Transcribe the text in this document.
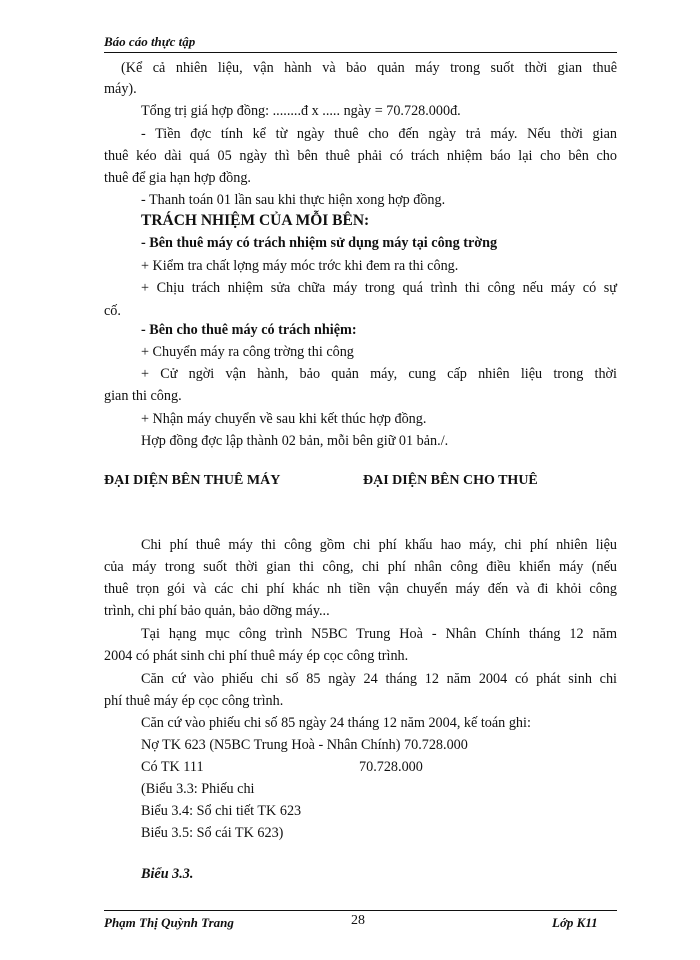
Báo cáo thực tập
(Kể cả nhiên liệu, vận hành và bảo quản máy trong suốt thời gian thuê
máy).
Tổng trị giá hợp đồng: ........đ x ..... ngày = 70.728.000đ.
- Tiền đợc tính kể từ ngày thuê cho đến ngày trả máy. Nếu thời gian
thuê kéo dài quá 05 ngày thì bên thuê phải có trách nhiệm báo lại cho bên cho
thuê để gia hạn hợp đồng.
- Thanh toán 01 lần sau khi thực hiện xong hợp đồng.
TRÁCH NHIỆM CỦA MỖI BÊN:
- Bên thuê máy có trách nhiệm sử dụng máy tại công trờng
+ Kiểm tra chất lợng máy móc trớc khi đem ra thi công.
+ Chịu trách nhiệm sửa chữa máy trong quá trình thi công nếu máy có sự
cố.
- Bên cho thuê máy có trách nhiệm:
+ Chuyển máy ra công trờng thi công
+ Cử ngời vận hành, bảo quản máy, cung cấp nhiên liệu trong thời
gian thi công.
+ Nhận máy chuyển về sau khi kết thúc hợp đồng.
Hợp đồng đợc lập thành 02 bản, mỗi bên giữ 01 bản./.
ĐẠI DIỆN BÊN THUÊ MÁY	ĐẠI DIỆN BÊN CHO THUÊ
Chi phí thuê máy thi công gồm chi phí khấu hao máy, chi phí nhiên liệu
của máy trong suốt thời gian thi công, chi phí nhân công điều khiển máy (nếu
thuê trọn gói và các chi phí khác nh tiền vận chuyển máy đến và đi khỏi công
trình, chi phí bảo quản, bảo dỡng máy...
Tại hạng mục công trình N5BC Trung Hoà - Nhân Chính tháng 12 năm
2004 có phát sinh chi phí thuê máy ép cọc công trình.
Căn cứ vào phiếu chi số 85 ngày 24 tháng 12 năm 2004 có phát sinh chi
phí thuê máy ép cọc công trình.
Căn cứ vào phiếu chi số 85 ngày 24 tháng 12 năm 2004, kế toán ghi:
Nợ TK 623 (N5BC Trung Hoà - Nhân Chính) 70.728.000
Có TK 111	70.728.000
(Biểu 3.3: Phiếu chi
Biểu 3.4: Sổ chi tiết TK 623
Biểu 3.5: Sổ cái TK 623)
Biểu 3.3.
Phạm Thị Quỳnh Trang	28	Lớp K11
